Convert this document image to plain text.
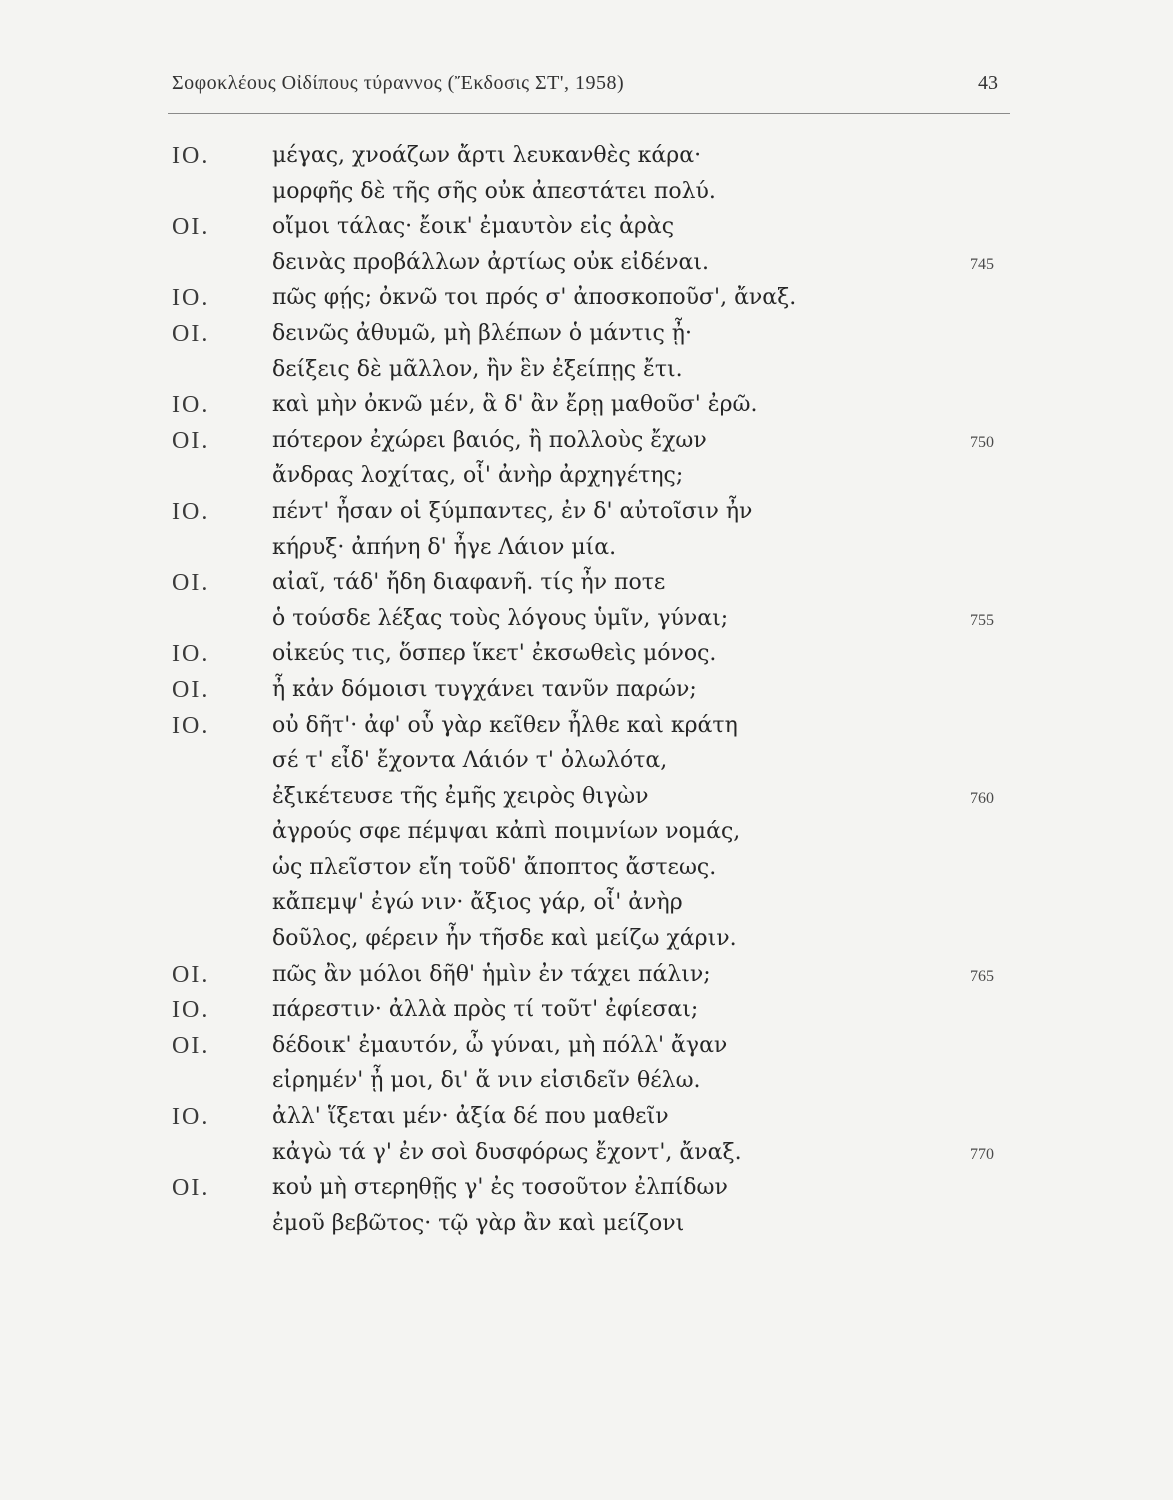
Σοφοκλέους Οἰδίπους τύραννος (Ἔκδοσις ΣΤ', 1958)	43
ΙΟ.	μέγας, χνοάζων ἄρτι λευκανθὲς κάρα·
μορφῆς δὲ τῆς σῆς οὐκ ἀπεστάτει πολύ.
ΟΙ.	οἴμοι τάλας· ἔοικ' ἐμαυτὸν εἰς ἀρὰς
δεινὰς προβάλλων ἀρτίως οὐκ εἰδέναι.	745
ΙΟ.	πῶς φῄς; ὀκνῶ τοι πρός σ' ἀποσκοποῦσ', ἄναξ.
ΟΙ.	δεινῶς ἀθυμῶ, μὴ βλέπων ὁ μάντις ᾖ·
δείξεις δὲ μᾶλλον, ἢν ἓν ἐξείπῃς ἔτι.
ΙΟ.	καὶ μὴν ὀκνῶ μέν, ἃ δ' ἂν ἔρῃ μαθοῦσ' ἐρῶ.
ΟΙ.	πότερον ἐχώρει βαιός, ἢ πολλοὺς ἔχων	750
ἄνδρας λοχίτας, οἷ' ἀνὴρ ἀρχηγέτης;
ΙΟ.	πέντ' ἦσαν οἱ ξύμπαντες, ἐν δ' αὐτοῖσιν ἦν
κήρυξ· ἀπήνη δ' ἦγε Λάιον μία.
ΟΙ.	αἰαῖ, τάδ' ἤδη διαφανῆ. τίς ἦν ποτε
ὁ τούσδε λέξας τοὺς λόγους ὑμῖν, γύναι;	755
ΙΟ.	οἰκεύς τις, ὅσπερ ἵκετ' ἐκσωθεὶς μόνος.
ΟΙ.	ἦ κἀν δόμοισι τυγχάνει τανῦν παρών;
ΙΟ.	οὐ δῆτ'· ἀφ' οὗ γὰρ κεῖθεν ἦλθε καὶ κράτη
σέ τ' εἶδ' ἔχοντα Λάιόν τ' ὀλωλότα,
ἐξικέτευσε τῆς ἐμῆς χειρὸς θιγὼν	760
ἀγρούς σφε πέμψαι κἀπὶ ποιμνίων νομάς,
ὡς πλεῖστον εἴη τοῦδ' ἄποπτος ἄστεως.
κἄπεμψ' ἐγώ νιν· ἄξιος γάρ, οἷ' ἀνὴρ
δοῦλος, φέρειν ἦν τῆσδε καὶ μείζω χάριν.
ΟΙ.	πῶς ἂν μόλοι δῆθ' ἡμὶν ἐν τάχει πάλιν;	765
ΙΟ.	πάρεστιν· ἀλλὰ πρὸς τί τοῦτ' ἐφίεσαι;
ΟΙ.	δέδοικ' ἐμαυτόν, ὦ γύναι, μὴ πόλλ' ἄγαν
εἰρημέν' ᾖ μοι, δι' ἅ νιν εἰσιδεῖν θέλω.
ΙΟ.	ἀλλ' ἵξεται μέν· ἀξία δέ που μαθεῖν
κἀγὼ τά γ' ἐν σοὶ δυσφόρως ἔχοντ', ἄναξ.	770
ΟΙ.	κοὐ μὴ στερηθῇς γ' ἐς τοσοῦτον ἐλπίδων
ἐμοῦ βεβῶτος· τῷ γὰρ ἂν καὶ μείζονι
